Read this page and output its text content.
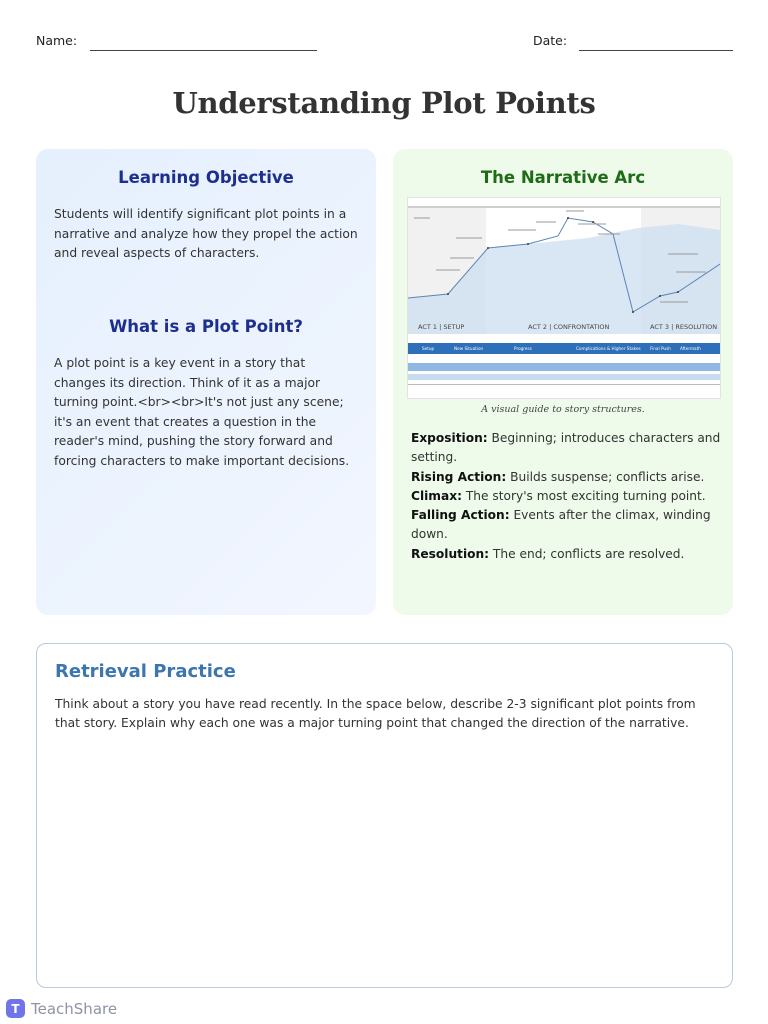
Name:	Date:
Understanding Plot Points
Learning Objective
Students will identify significant plot points in a narrative and analyze how they propel the action and reveal aspects of characters.
What is a Plot Point?
A plot point is a key event in a story that changes its direction. Think of it as a major turning point.<br><br>It's not just any scene; it's an event that creates a question in the reader's mind, pushing the story forward and forcing characters to make important decisions.
The Narrative Arc
ACT 1 | SETUP	ACT 2 | CONFRONTATION	ACT 3 | RESOLUTION
Setup	New Situation	Progress	Complications & Higher Stakes Final Push Aftermath
A visual guide to story structures.
Exposition: Beginning; introduces characters and setting.
Rising Action: Builds suspense; conflicts arise.
Climax: The story's most exciting turning point.
Falling Action: Events after the climax, winding down.
Resolution: The end; conflicts are resolved.
Retrieval Practice
Think about a story you have read recently. In the space below, describe 2-3 significant plot points from that story. Explain why each one was a major turning point that changed the direction of the narrative.
T TeachShare
